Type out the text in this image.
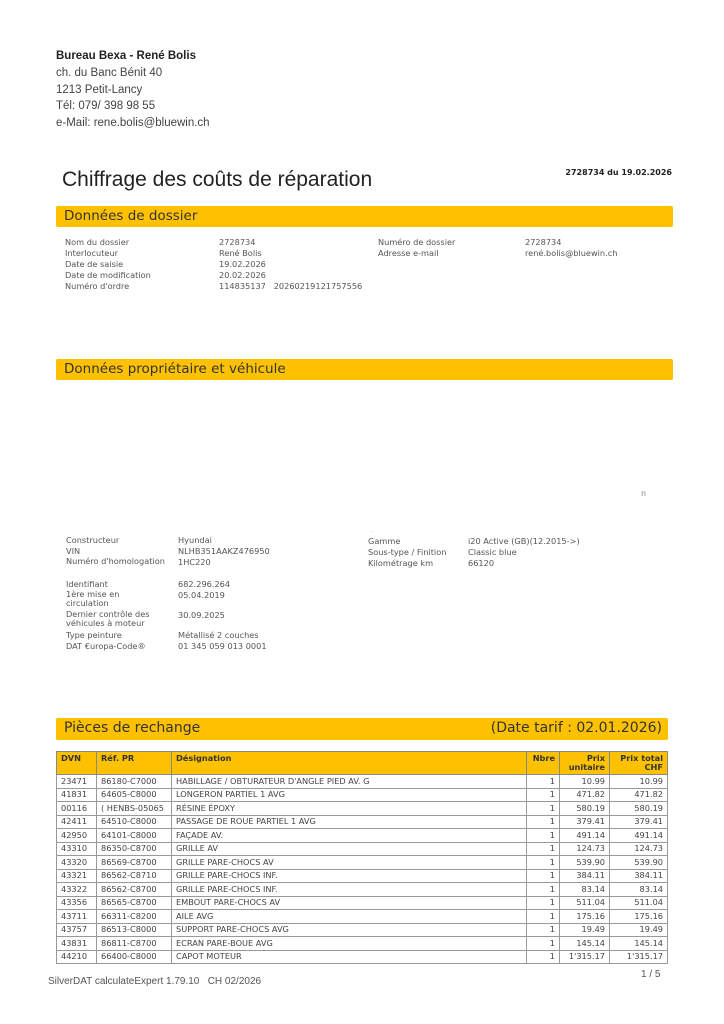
Bureau Bexa - René Bolis
ch. du Banc Bénit 40
1213 Petit-Lancy
Tél: 079/ 398 98 55
e-Mail: rene.bolis@bluewin.ch
Chiffrage des coûts de réparation	2728734 du 19.02.2026
Données de dossier
Nom du dossier	2728734
Interlocuteur	René Bolis
Date de saisie	19.02.2026
Date de modification	20.02.2026
Numéro d'ordre	114835137   20260219121757556
Numéro de dossier	2728734
Adresse e-mail	rené.bolis@bluewin.ch
Données propriétaire et véhicule
n
‥
Constructeur	Hyundai
VIN	NLHB351AAKZ476950
Numéro d'homologation 1HC220
Identifiant	682.296.264
1ère mise en circulation
05.04.2019
Dernier contrôle des véhicules à moteur
30.09.2025
Type peinture	Métallisé 2 couches
DAT €uropa-Code®	01 345 059 013 0001
Gamme	i20 Active (GB)(12.2015->)
Sous-type / Finition	Classic blue
Kilométrage km	66120
Pièces de rechange	(Date tarif : 02.01.2026)
DVN	Réf. PR	Désignation	Nbre	Prix unitaire	Prix total CHF
23471	86180-C7000	HABILLAGE / OBTURATEUR D'ANGLE PIED AV. G	1	10.99	10.99
41831	64605-C8000	LONGERON PARTIEL 1 AVG	1	471.82	471.82
00116	( HENBS-05065	RÉSINE ÉPOXY	1	580.19	580.19
42411	64510-C8000	PASSAGE DE ROUE PARTIEL 1 AVG	1	379.41	379.41
42950	64101-C8000	FAÇADE AV.	1	491.14	491.14
43310	86350-C8700	GRILLE AV	1	124.73	124.73
43320	86569-C8700	GRILLE PARE-CHOCS AV	1	539.90	539.90
43321	86562-C8710	GRILLE PARE-CHOCS INF.	1	384.11	384.11
43322	86562-C8700	GRILLE PARE-CHOCS INF.	1	83.14	83.14
43356	86565-C8700	EMBOUT PARE-CHOCS AV	1	511.04	511.04
43711	66311-C8200	AILE AVG	1	175.16	175.16
43757	86513-C8000	SUPPORT PARE-CHOCS AVG	1	19.49	19.49
43831	86811-C8700	ECRAN PARE-BOUE AVG	1	145.14	145.14
44210	66400-C8000	CAPOT MOTEUR	1	1'315.17	1'315.17
SilverDAT calculateExpert 1.79.10   CH 02/2026
1 / 5
